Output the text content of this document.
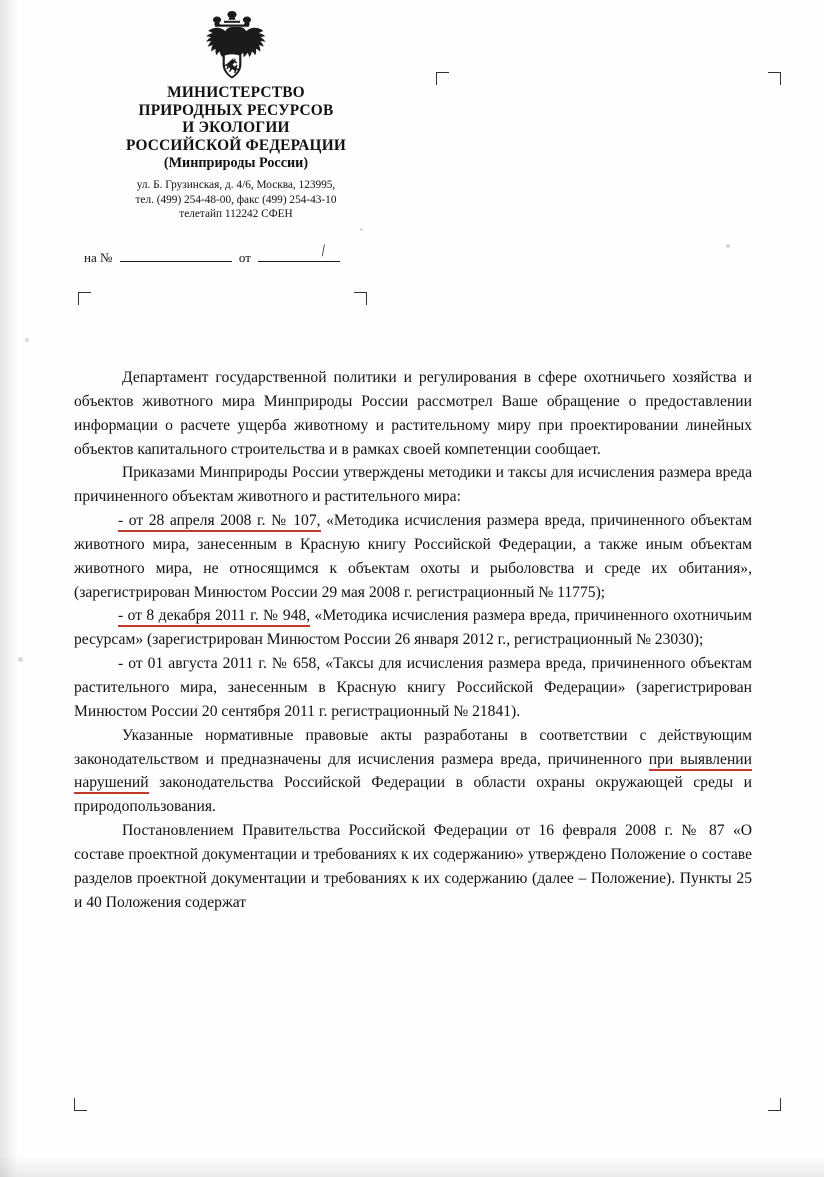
МИНИСТЕРСТВО
ПРИРОДНЫХ РЕСУРСОВ
И ЭКОЛОГИИ
РОССИЙСКОЙ ФЕДЕРАЦИИ
(Минприроды России)
ул. Б. Грузинская, д. 4/6, Москва, 123995,
тел. (499) 254-48-00, факс (499) 254-43-10
телетайп 112242 СФЕН
на №	от	/

Департамент государственной политики и регулирования в сфере охотничьего хозяйства и объектов животного мира Минприроды России рассмотрел Ваше обращение о предоставлении информации о расчете ущерба животному и растительному миру при проектировании линейных объектов капитального строительства и в рамках своей компетенции сообщает.

Приказами Минприроды России утверждены методики и таксы для исчисления размера вреда причиненного объектам животного и растительного мира:

- от 28 апреля 2008 г. № 107, «Методика исчисления размера вреда, причиненного объектам животного мира, занесенным в Красную книгу Российской Федерации, а также иным объектам животного мира, не относящимся к объектам охоты и рыболовства и среде их обитания», (зарегистрирован Минюстом России 29 мая 2008 г. регистрационный № 11775);

- от 8 декабря 2011 г. № 948, «Методика исчисления размера вреда, причиненного охотничьим ресурсам» (зарегистрирован Минюстом России 26 января 2012 г., регистрационный № 23030);

- от 01 августа 2011 г. № 658, «Таксы для исчисления размера вреда, причиненного объектам растительного мира, занесенным в Красную книгу Российской Федерации» (зарегистрирован Минюстом России 20 сентября 2011 г. регистрационный № 21841).

Указанные нормативные правовые акты разработаны в соответствии с действующим законодательством и предназначены для исчисления размера вреда, причиненного при выявлении нарушений законодательства Российской Федерации в области охраны окружающей среды и природопользования.

Постановлением Правительства Российской Федерации от 16 февраля 2008 г. № 87 «О составе проектной документации и требованиях к их содержанию» утверждено Положение о составе разделов проектной документации и требованиях к их содержанию (далее – Положение). Пункты 25 и 40 Положения содержат
